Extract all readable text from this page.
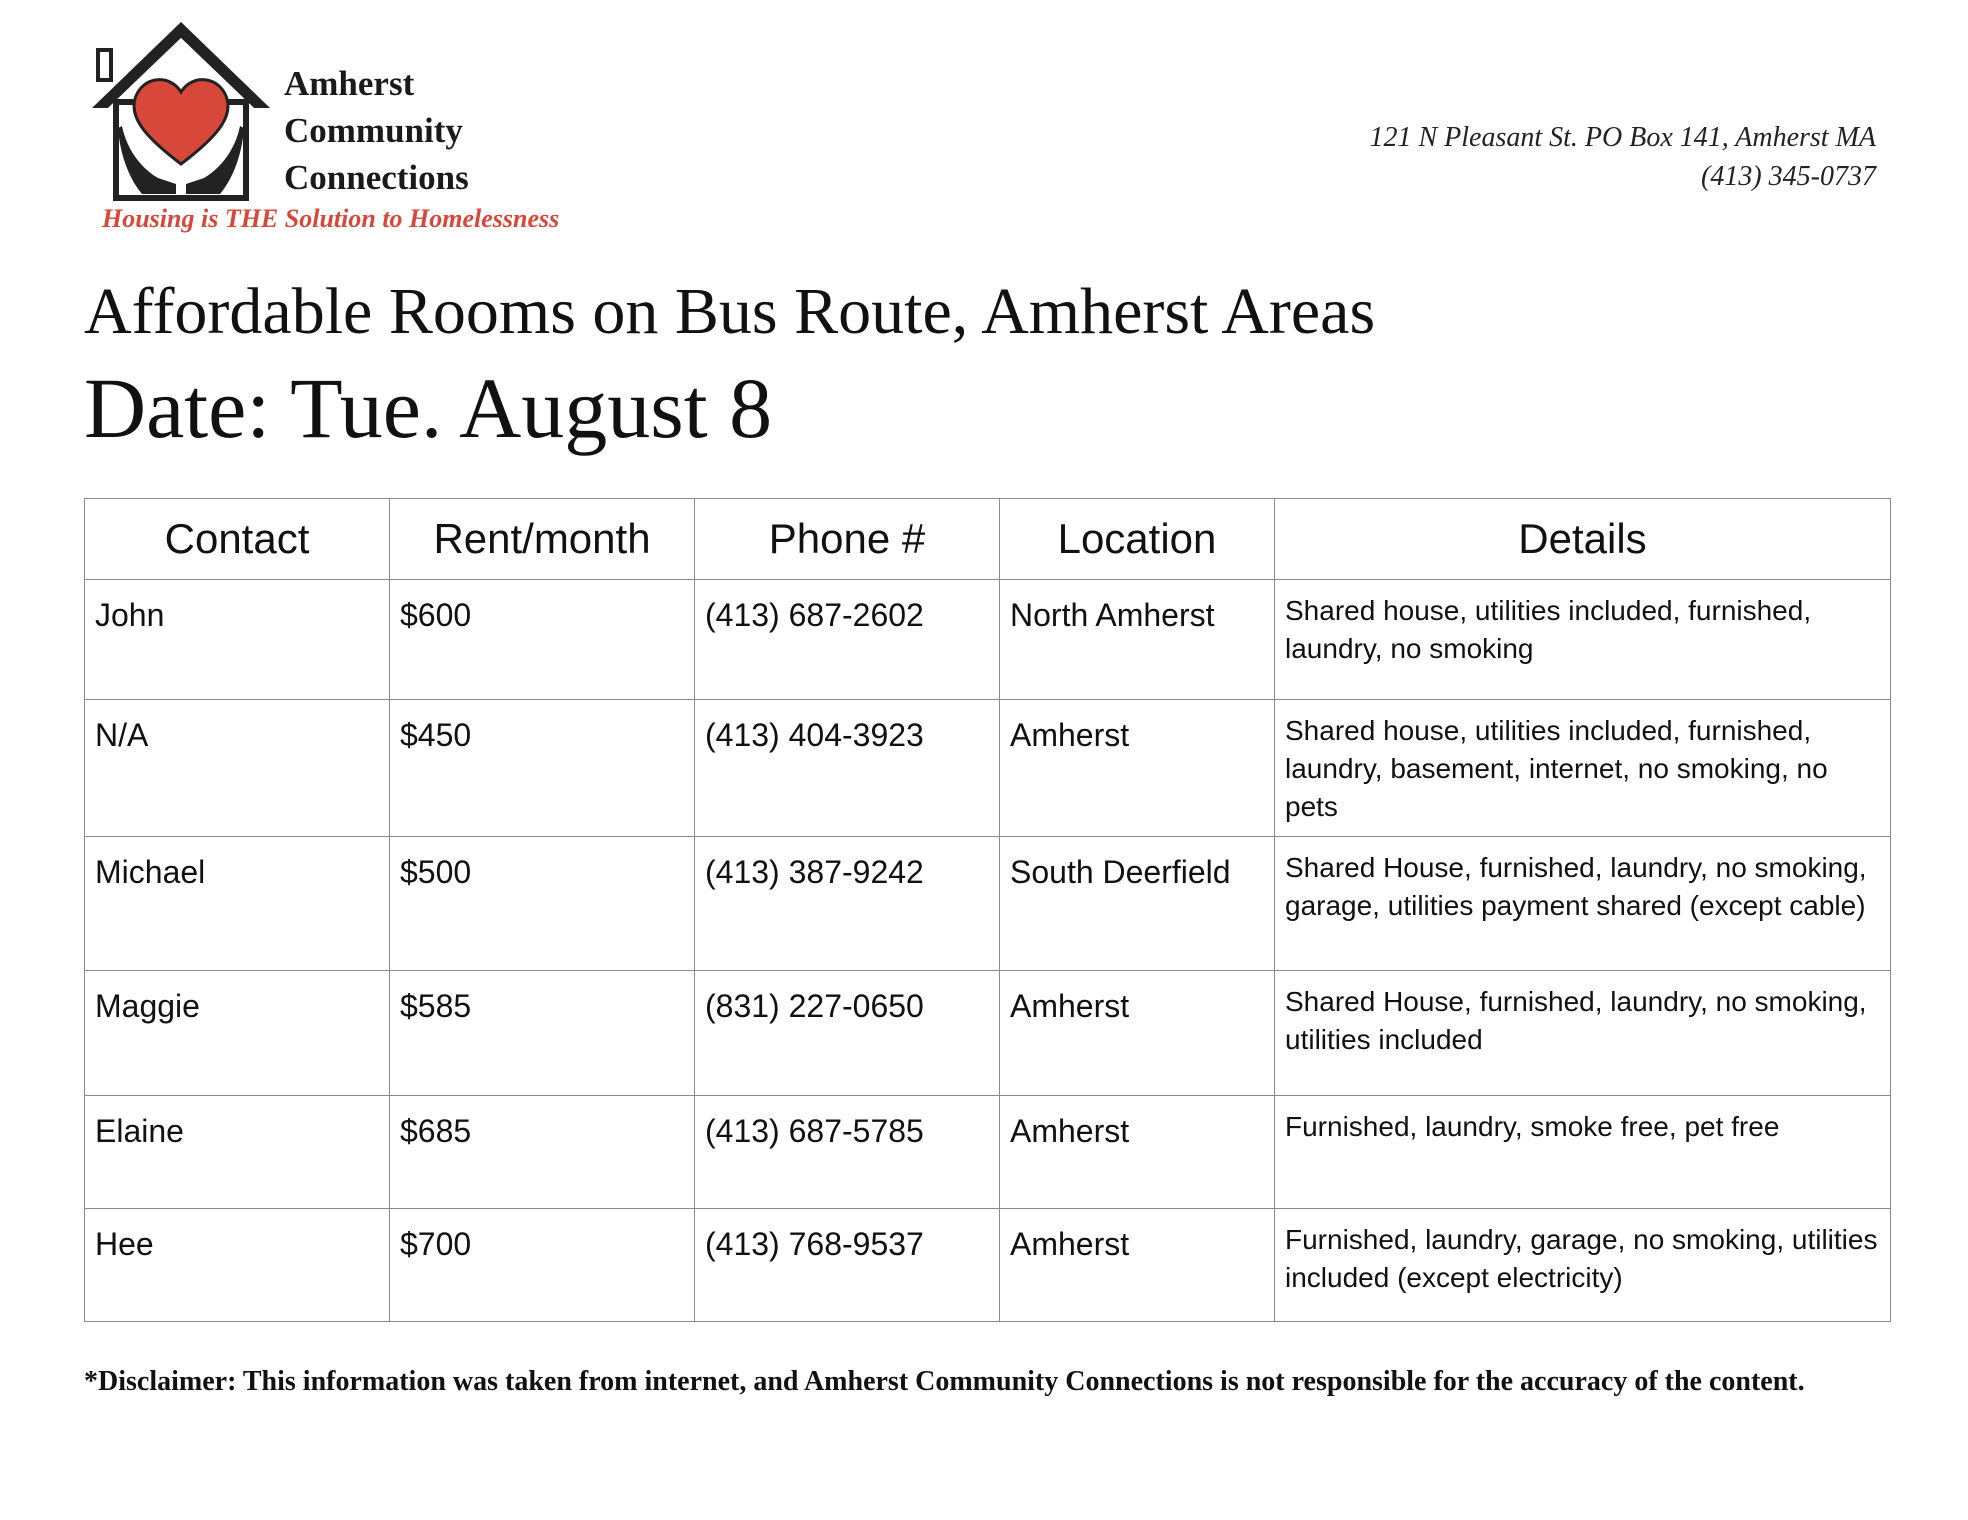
Amherst
Community
Connections
Housing is THE Solution to Homelessness
121 N Pleasant St. PO Box 141, Amherst MA
(413) 345-0737
Affordable Rooms on Bus Route, Amherst Areas
Date: Tue. August 8
Contact	Rent/month	Phone #	Location	Details
John	$600	(413) 687-2602	North Amherst	Shared house, utilities included, furnished, laundry, no smoking
N/A	$450	(413) 404-3923	Amherst	Shared house, utilities included, furnished, laundry, basement, internet, no smoking, no pets
Michael	$500	(413) 387-9242	South Deerfield	Shared House, furnished, laundry, no smoking, garage, utilities payment shared (except cable)
Maggie	$585	(831) 227-0650	Amherst	Shared House, furnished, laundry, no smoking, utilities included
Elaine	$685	(413) 687-5785	Amherst	Furnished, laundry, smoke free, pet free
Hee	$700	(413) 768-9537	Amherst	Furnished, laundry, garage, no smoking, utilities included (except electricity)

*Disclaimer: This information was taken from internet, and Amherst Community Connections is not responsible for the accuracy of the content.
